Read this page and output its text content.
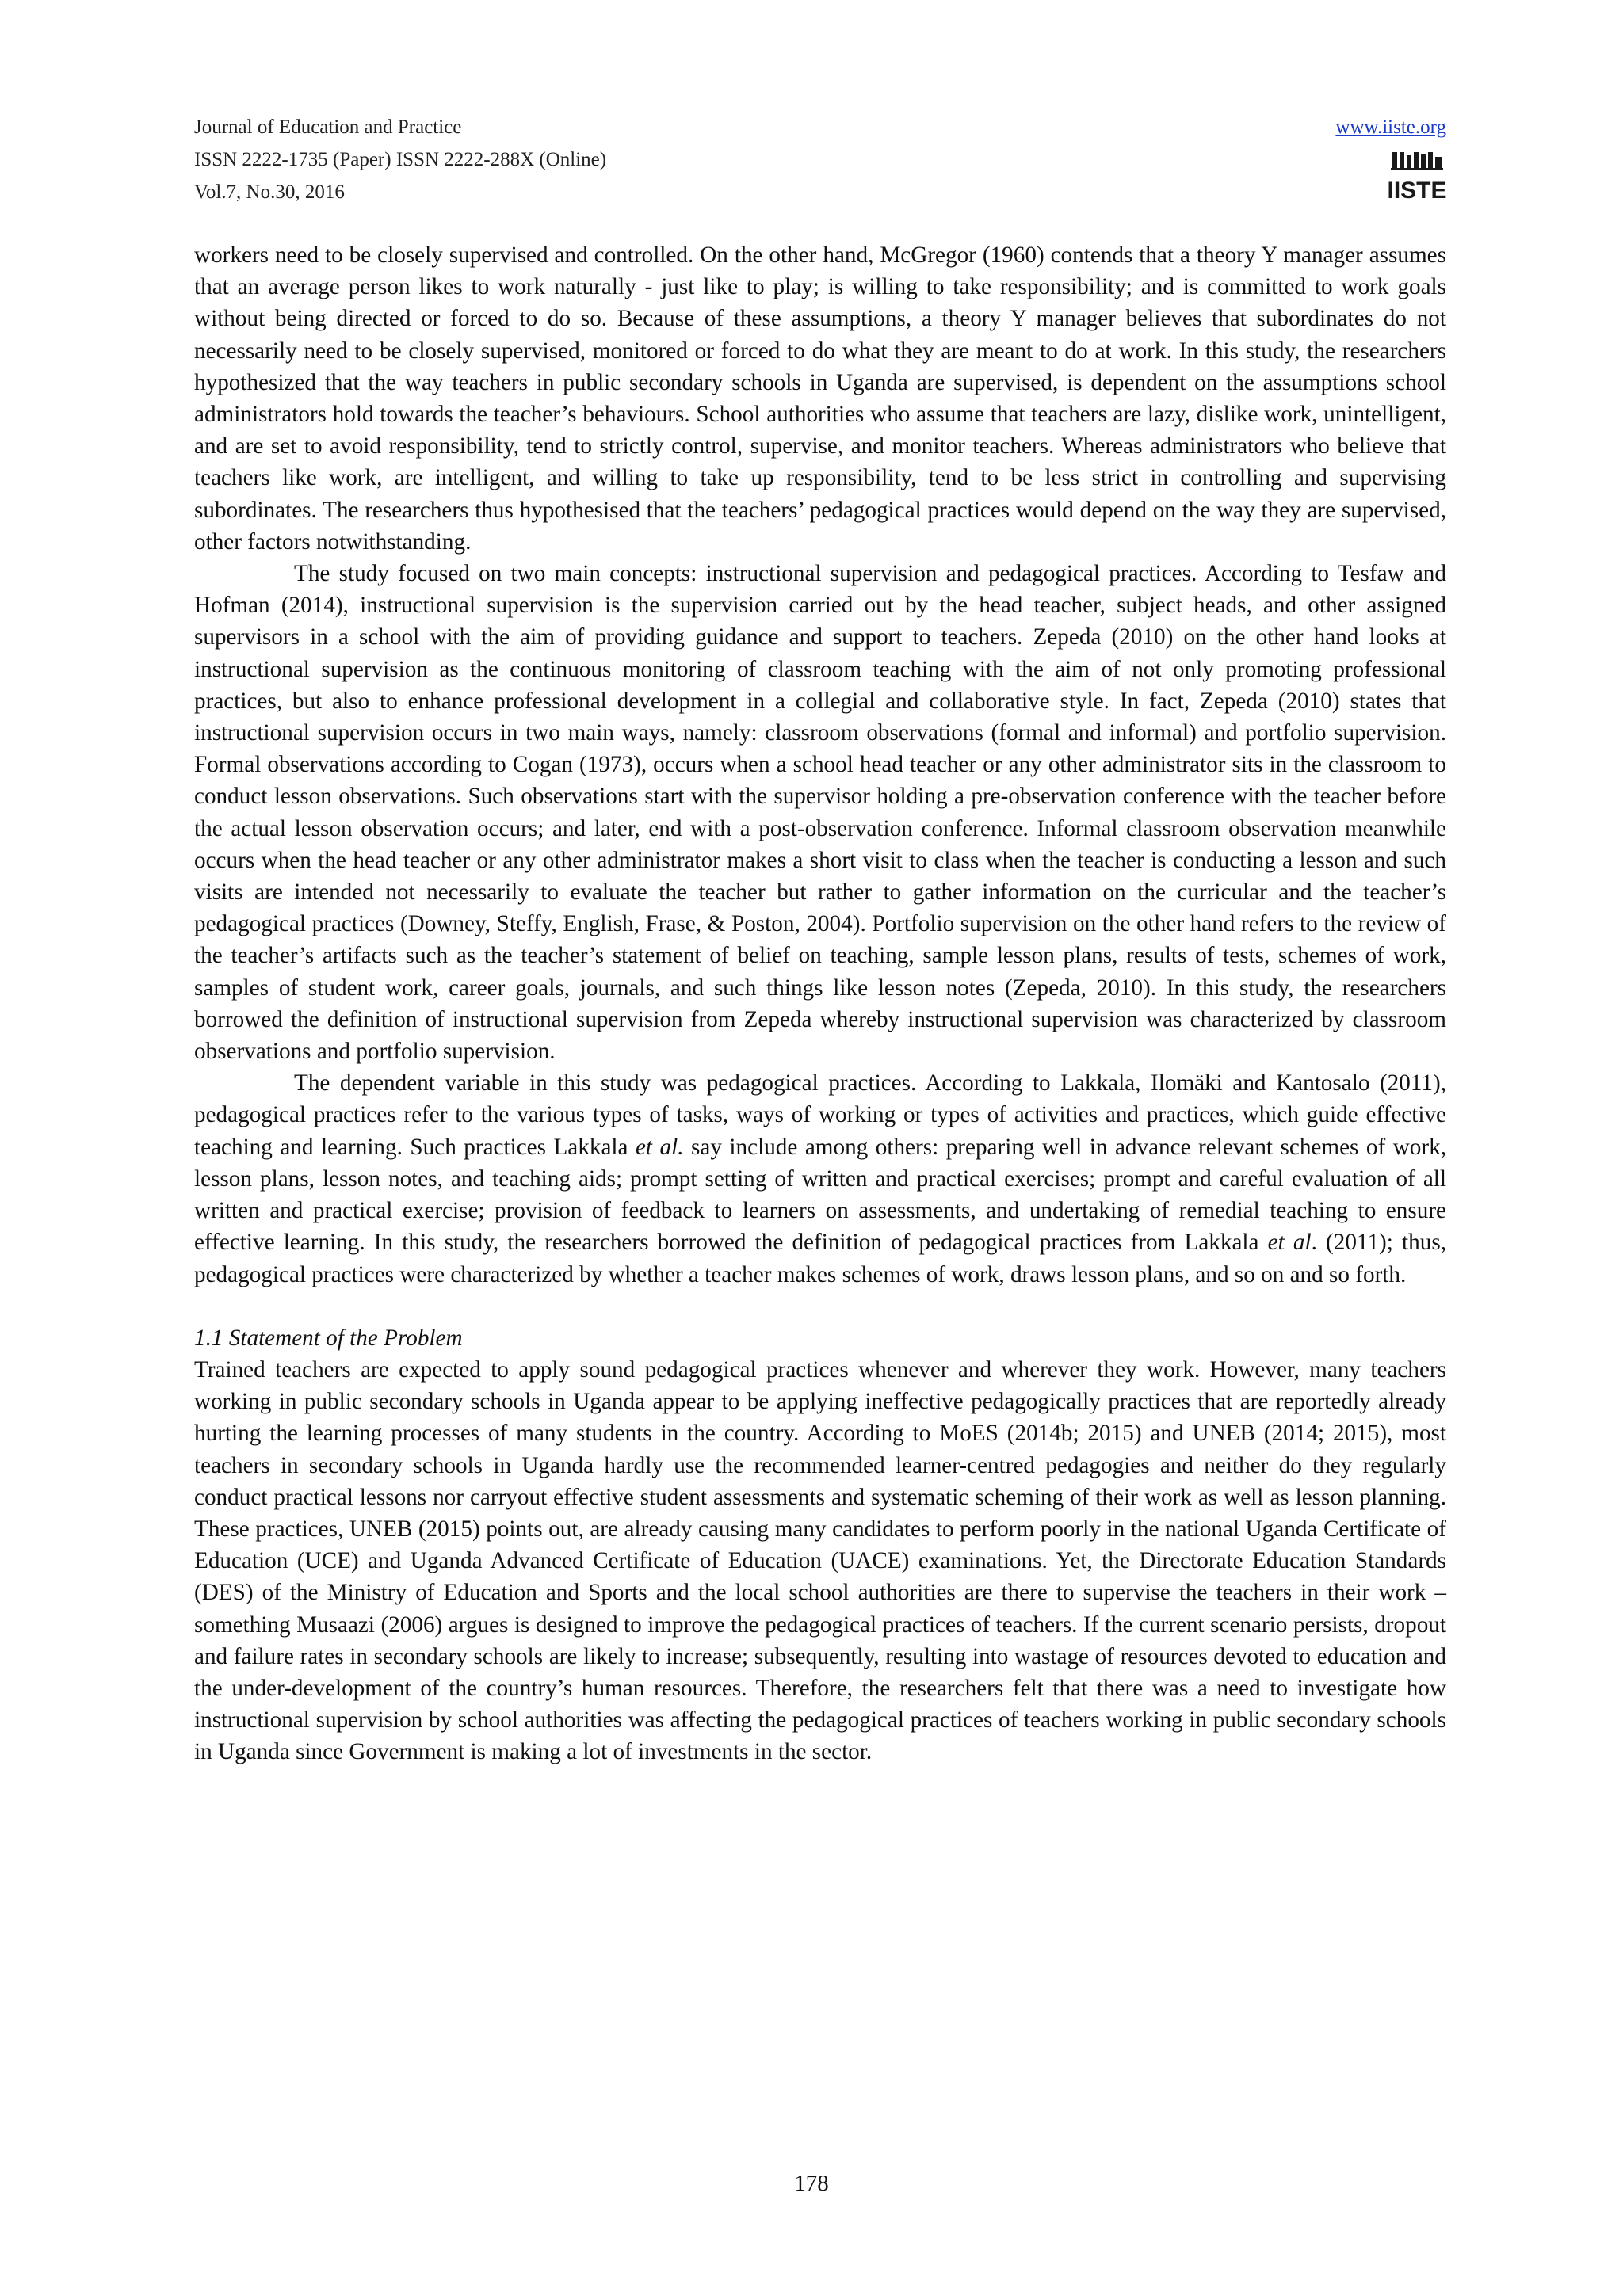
Journal of Education and Practice
ISSN 2222-1735 (Paper) ISSN 2222-288X (Online)
Vol.7, No.30, 2016
www.iiste.org
IISTE

workers need to be closely supervised and controlled. On the other hand, McGregor (1960) contends that a theory Y manager assumes that an average person likes to work naturally - just like to play; is willing to take responsibility; and is committed to work goals without being directed or forced to do so. Because of these assumptions, a theory Y manager believes that subordinates do not necessarily need to be closely supervised, monitored or forced to do what they are meant to do at work. In this study, the researchers hypothesized that the way teachers in public secondary schools in Uganda are supervised, is dependent on the assumptions school administrators hold towards the teacher’s behaviours. School authorities who assume that teachers are lazy, dislike work, unintelligent, and are set to avoid responsibility, tend to strictly control, supervise, and monitor teachers. Whereas administrators who believe that teachers like work, are intelligent, and willing to take up responsibility, tend to be less strict in controlling and supervising subordinates. The researchers thus hypothesised that the teachers’ pedagogical practices would depend on the way they are supervised, other factors notwithstanding.

The study focused on two main concepts: instructional supervision and pedagogical practices. According to Tesfaw and Hofman (2014), instructional supervision is the supervision carried out by the head teacher, subject heads, and other assigned supervisors in a school with the aim of providing guidance and support to teachers. Zepeda (2010) on the other hand looks at instructional supervision as the continuous monitoring of classroom teaching with the aim of not only promoting professional practices, but also to enhance professional development in a collegial and collaborative style. In fact, Zepeda (2010) states that instructional supervision occurs in two main ways, namely: classroom observations (formal and informal) and portfolio supervision. Formal observations according to Cogan (1973), occurs when a school head teacher or any other administrator sits in the classroom to conduct lesson observations. Such observations start with the supervisor holding a pre-observation conference with the teacher before the actual lesson observation occurs; and later, end with a post-observation conference. Informal classroom observation meanwhile occurs when the head teacher or any other administrator makes a short visit to class when the teacher is conducting a lesson and such visits are intended not necessarily to evaluate the teacher but rather to gather information on the curricular and the teacher’s pedagogical practices (Downey, Steffy, English, Frase, & Poston, 2004). Portfolio supervision on the other hand refers to the review of the teacher’s artifacts such as the teacher’s statement of belief on teaching, sample lesson plans, results of tests, schemes of work, samples of student work, career goals, journals, and such things like lesson notes (Zepeda, 2010). In this study, the researchers borrowed the definition of instructional supervision from Zepeda whereby instructional supervision was characterized by classroom observations and portfolio supervision.

The dependent variable in this study was pedagogical practices. According to Lakkala, Ilomäki and Kantosalo (2011), pedagogical practices refer to the various types of tasks, ways of working or types of activities and practices, which guide effective teaching and learning. Such practices Lakkala et al. say include among others: preparing well in advance relevant schemes of work, lesson plans, lesson notes, and teaching aids; prompt setting of written and practical exercises; prompt and careful evaluation of all written and practical exercise; provision of feedback to learners on assessments, and undertaking of remedial teaching to ensure effective learning. In this study, the researchers borrowed the definition of pedagogical practices from Lakkala et al. (2011); thus, pedagogical practices were characterized by whether a teacher makes schemes of work, draws lesson plans, and so on and so forth.

1.1 Statement of the Problem

Trained teachers are expected to apply sound pedagogical practices whenever and wherever they work. However, many teachers working in public secondary schools in Uganda appear to be applying ineffective pedagogically practices that are reportedly already hurting the learning processes of many students in the country. According to MoES (2014b; 2015) and UNEB (2014; 2015), most teachers in secondary schools in Uganda hardly use the recommended learner-centred pedagogies and neither do they regularly conduct practical lessons nor carryout effective student assessments and systematic scheming of their work as well as lesson planning. These practices, UNEB (2015) points out, are already causing many candidates to perform poorly in the national Uganda Certificate of Education (UCE) and Uganda Advanced Certificate of Education (UACE) examinations. Yet, the Directorate Education Standards (DES) of the Ministry of Education and Sports and the local school authorities are there to supervise the teachers in their work – something Musaazi (2006) argues is designed to improve the pedagogical practices of teachers. If the current scenario persists, dropout and failure rates in secondary schools are likely to increase; subsequently, resulting into wastage of resources devoted to education and the under-development of the country’s human resources. Therefore, the researchers felt that there was a need to investigate how instructional supervision by school authorities was affecting the pedagogical practices of teachers working in public secondary schools in Uganda since Government is making a lot of investments in the sector.

178
